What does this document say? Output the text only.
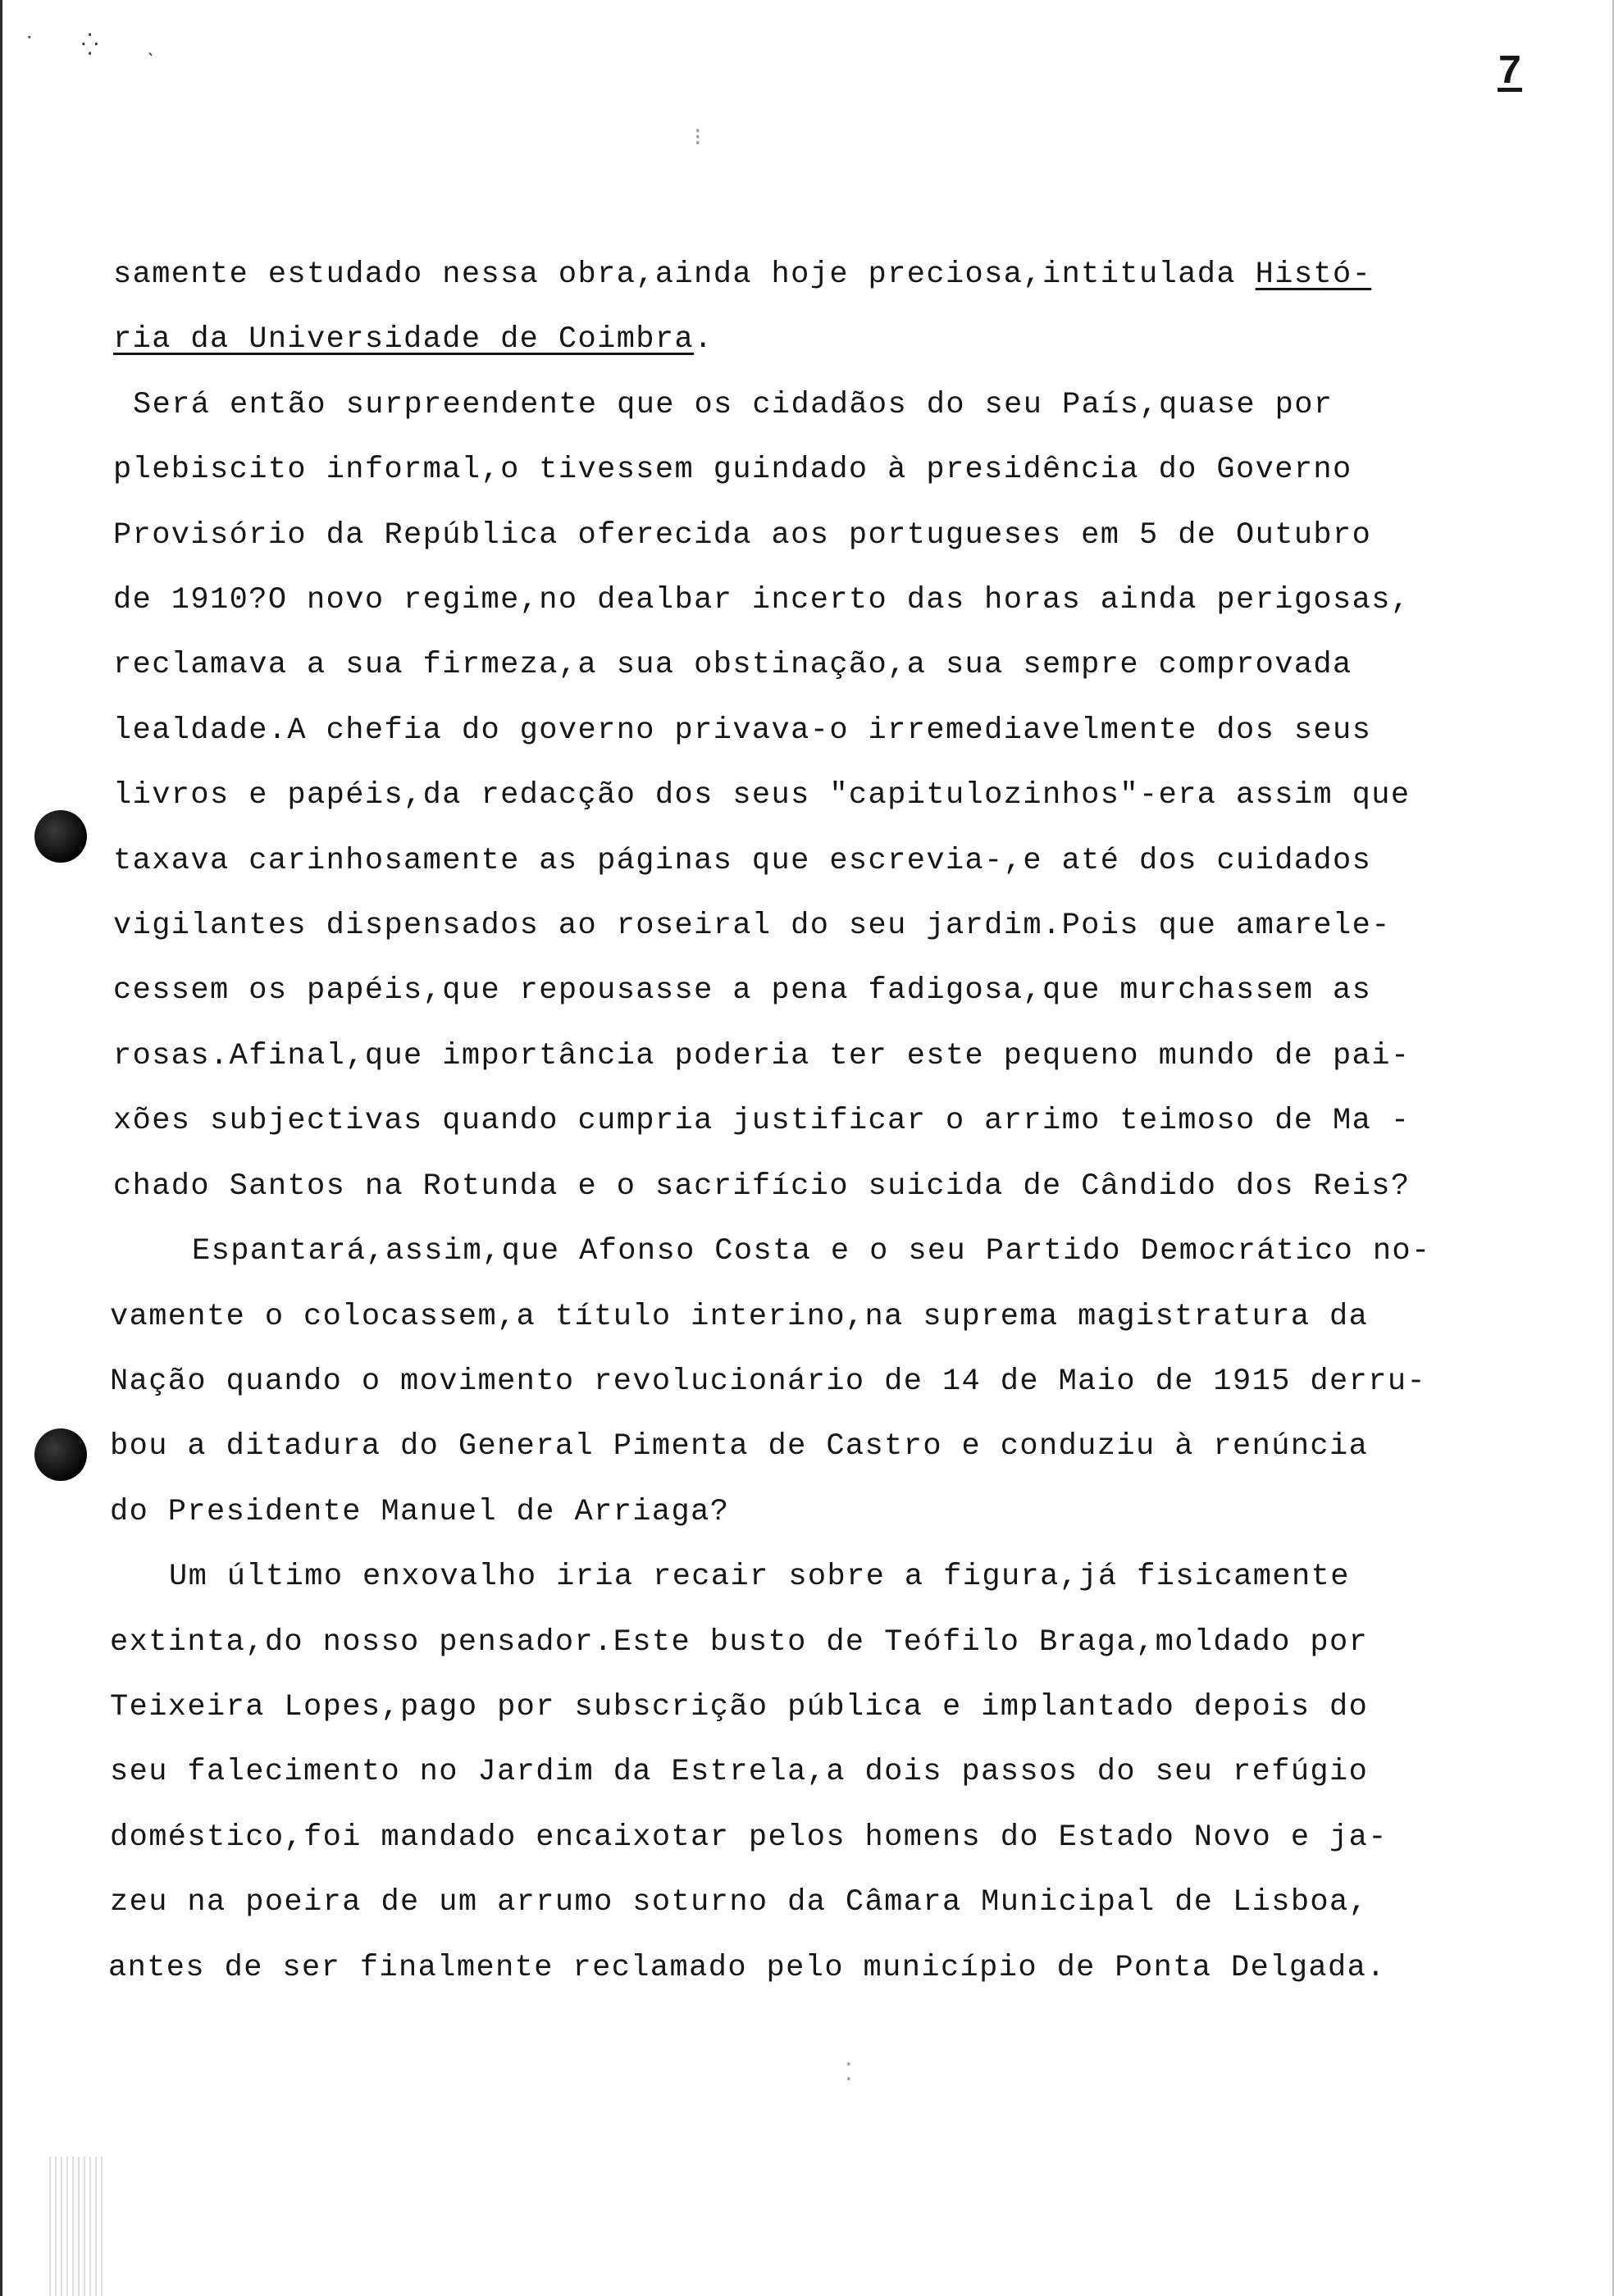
˙ ⁛ ˎ
7
⁝
⁚
samente estudado nessa obra,ainda hoje preciosa,intitulada Histó-
ria da Universidade de Coimbra.
Será então surpreendente que os cidadãos do seu País,quase por
plebiscito informal,o tivessem guindado à presidência do Governo
Provisório da República oferecida aos portugueses em 5 de Outubro
de 1910?O novo regime,no dealbar incerto das horas ainda perigosas,
reclamava a sua firmeza,a sua obstinação,a sua sempre comprovada
lealdade.A chefia do governo privava-o irremediavelmente dos seus
livros e papéis,da redacção dos seus "capitulozinhos"-era assim que
taxava carinhosamente as páginas que escrevia-,e até dos cuidados
vigilantes dispensados ao roseiral do seu jardim.Pois que amarele-
cessem os papéis,que repousasse a pena fadigosa,que murchassem as
rosas.Afinal,que importância poderia ter este pequeno mundo de pai-
xões subjectivas quando cumpria justificar o arrimo teimoso de Ma -
chado Santos na Rotunda e o sacrifício suicida de Cândido dos Reis?
Espantará,assim,que Afonso Costa e o seu Partido Democrático no-
vamente o colocassem,a título interino,na suprema magistratura da
Nação quando o movimento revolucionário de 14 de Maio de 1915 derru-
bou a ditadura do General Pimenta de Castro e conduziu à renúncia
do Presidente Manuel de Arriaga?
Um último enxovalho iria recair sobre a figura,já fisicamente
extinta,do nosso pensador.Este busto de Teófilo Braga,moldado por
Teixeira Lopes,pago por subscrição pública e implantado depois do
seu falecimento no Jardim da Estrela,a dois passos do seu refúgio
doméstico,foi mandado encaixotar pelos homens do Estado Novo e ja-
zeu na poeira de um arrumo soturno da Câmara Municipal de Lisboa,
antes de ser finalmente reclamado pelo município de Ponta Delgada.
